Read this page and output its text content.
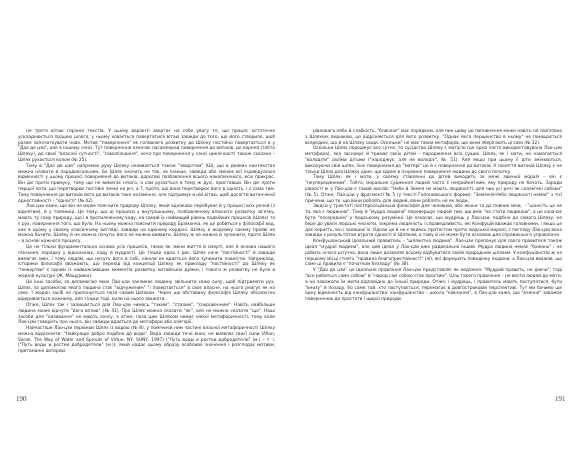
ня третя вітаю горіння текстів. У цьому варіанті звертає на себе увагу те, що процес остаточно ускладнюється працею цілого, у ньому ховається повертатися вітаю завжди до того, що його створило, щоб разом започаткувати нове. Мотив "повернення" як головного розвитку до Шлеху постійно повертається в у "Дао де цзи", але в іншому сенсі. Тут повернення означає насамперед повернення до витоків, до кореня (тобто Шляху), до своєї "власної сутності", "самопізнання", хоча про повернення у сенсі циклічності також сказано – Шлях рухається колом (№ 25).

Тому в "Дао де цзи" напрямок руху Шляху називається також "зворотом" (Ш), що в деяких контекстах можна назвати й парадоксальним. Бо Шлях значить не так, як інакше, завжди або змінює всі індивідуальні відмінності у цьому процесі повернення до витоків, дорогою позбавлення всього накопиченого, всіх прикрас. Він діє проти примусу, тому що не вимагає нічого, а сам рухається в тому ж дусі, приставши. Він діє проти першої поти, що перетворює постійні зміни на річ, а 7, проте, що вона перетворює його в єдність, і є сама тим. Тому повернення до витоків його до витоків таке незамінне, але підтримує в ній вітаю, щоб досягти витонченої одностайності – "єдності" (№ 42).

Лао-цзи каже, що він не може пояснити природу Шляху, який однаково перебуває й у процесі всіх речей (з віднятим), й у таємниці. Це тому, що ці процеси у внутрішньому, позбавленому власного розвитку зв'язку, мають ту саму природу, що і в протилежному ходу, на самий їх найвищий рівень подвійних процесів (Шлях) та є рух, повернення того, що було. На ньому можна пояснити природу Браманна, як це робиться у філософії вед, але в цьому у своєму класичному вигляді, завжди на єдиному кордоні. Шляху в жодному своєму прояві не можна бачити. Шляху й не можна почути, його не можна виявити. Шляху ж не можна й зупинити, проте Шлях – в основі кожного процесу.

Це не тільки фундаментальна основа усіх процесів, таких як зміни життя й смерті, але й основа нашого пізнання, порядку у відносинах, ладу й мудрості. Це тільки одна з рис. Шлях хоче "постійності" й завжди вимагає змін, і тому людям, що несуть його в собі, ніколи не вдається його зупинити повністю. Наприклад, історики філософії вважають, що перехід від концепції Шляху як прикладу "постійності" до Шляху як "пожертви" є одним із найважливіших моментів розвитку китайської думки, і такого ж розвитку не було в жодній культурі (Ж. Мащурика).

Це інші засоби, за допомогою яких Лао-цзи закликає людину звільнити свою силу, щоб підтримати рух. Шлях, за допомогою якого людина стає "відчуженим" "і повертається" в своє власне, на нього реагує як на своє. І жоден засіб не пропонується поза самим Шляхом. Через цю обставину філософія Шляху абсолютно відкривається кожному, але тільки тоді, коли на нього зважати.

Отже, Шлях так і залишається для Лао-цзи чимось "таким", "сталим", "сокровенним". Навіть найбільше людина може відчути "його вплив" (№ 41). Про Шлях можна сказати "як", але не можна сказати "що". Наші засоби для "називання" не мають сенсу, а отже, поза цим Шляхом немає ніякої метафоричності, тому коли Лао-цзи говорить про нього, він завжди вдається до метафори або алегорії.

Найчастіше Лао-цзи порівнює Шлях із водою (№ 8), у поміченій ним частині власної метафоричності Шляху можна відзначити: "Найкраще добро подібне до води". Вода завжди тече вниз, не виявляє своєї сили (Allan, Sarah. The Way of Water and Sprouts of Virtue, NY, SUNY, 1997) ("Путь воды и ростки добродетели" (м.) – т. і. ("Путь воды и ростки добродетели" (м.)), який надає цьому образу особливо значення і розглядає мотиви, притаманні авторові.

190

рівновага небо й слабкість, "блискає" має порядком, але пин циму це поповнення може навіть не пов'язано з Шляхом, вершкою, це відрізняється для його розвитку. "Однак його першенство в ньому" не поміщається всередині, що й на Шляху сюди. Оскільки" не має таких метафорів, що вони зберігають ці самі (№ 32).

Оскільки Шлях породжує все сутнє, то сусідство Шляху є матір'ю (це одна часто використовувана Лао-цзи метафора), яка засновує й тримає своїх дітей – породження всіх сущих. Шлях, як і мати, не намагається "володіти" своїми дітьми ("народжує, але не володіє", № 51). Але якщо при цьому її діти змінюються, виконуючи свій шлях, їхнє повернення до "матері" це й є повернення до витоків. А поняття витоків Шляху є не тільки Шлях для Шляху одне, що єдине в існуванні повернення людини до свого початку.

Тому Шлях, як і мати, у своєму ставленні до дітей виходить за межі звичної моралі – він є "неупередженим". Тобто, моральне судження людей часто є неприйнятним, яку природу не бачать. Заради рівності ж у Лао-цзи є такий вислів: "Небо й Земля не мають людяності, для них усі речі як солом'яні собаки" (№ 5). Отже, Лао-цзи у фрагменті № 5 (у тексті Гопоновського форми): "Земля-й-Небо людяності немає" з тієї причини, що те, що вони роблять для людей, вони роблять не як люди.

Звідси у трактаті постпросоціальна філософія для чоловіків, або жінки та до певних меж, – "цінність це не та, яка є людиною". Тому й "мудра людина" перевершує людей тим, що вміє "не стати людиною", а це означає бути "посереднім" у людському розумінні. Це означає, що мудрець у Лао-цзи, подібно до самого Шляху, не бере до уваги людські чесноти, зокрема людяність і справедливість, які Конфуцій вважав головними, і якщо це дає користь, він і залишає їх. Однак це й не є якимсь протестом проти людської моралі; з погляду Лао-цзи вона завжди є результатом втрати єдності зі Шляхом, а тому й не може бути основою для справжнього управління.

Конфуціанський ідеальний правитель – "шляхетна людина". Лао-цзи пропонує для свого правителя також ідеал "мудрої людини", але цей ідеал у Лао-цзи вже радикально інший. Мудра людина немає "бажань" і не робить нічого штучно, вона лише дозволяє всьому відбуватися своїм природним шляхом. У конфуціанстві ж на першому місці стоять "правила благопристойності" (лі), які формують поведінку людини, а Лао-цзи вважав, що саме ці правила є "початком безладу" (№ 38).

У "Дао де цзи" це ідеальне правління Лао-цзи представляє як недіяння: "Мудрий править, не діючи"; тоді "все робиться само собою" й "народ сам собою стає простим". Ціль такого правління – не вести людей до мети, а не заважати їм жити відповідно до їхньої природи. Отже, і мудрець, і правитель мають поступатися, бути "внизу" й позаду, бо саме той, хто поступається, перемагає в довгостроковій перспективі. Тут ми бачимо ще одну відмінність від конфуціанства: конфуціанство – школа "навчання", а Лао-цзи каже, що "вчення" заважає поверненню до простоти і щирої природи.

191
